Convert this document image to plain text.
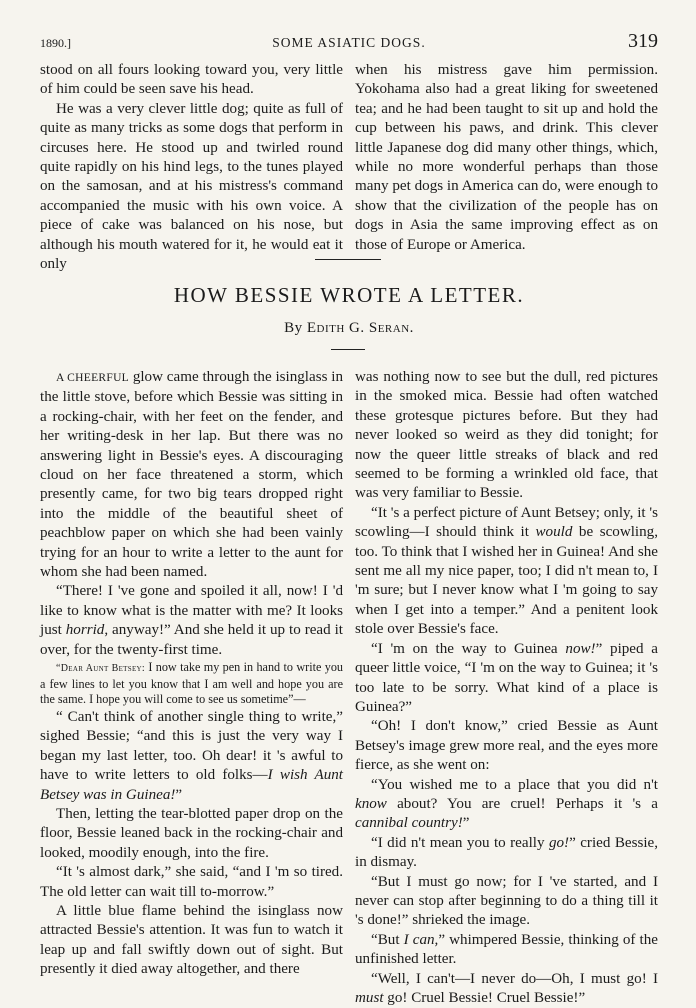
1890.]	SOME ASIATIC DOGS.	319

stood on all fours looking toward you, very little of him could be seen save his head.

He was a very clever little dog; quite as full of quite as many tricks as some dogs that perform in circuses here. He stood up and twirled round quite rapidly on his hind legs, to the tunes played on the samosan, and at his mistress's command accompanied the music with his own voice. A piece of cake was balanced on his nose, but although his mouth watered for it, he would eat it only

when his mistress gave him permission. Yokohama also had a great liking for sweetened tea; and he had been taught to sit up and hold the cup between his paws, and drink. This clever little Japanese dog did many other things, which, while no more wonderful perhaps than those many pet dogs in America can do, were enough to show that the civilization of the people has on dogs in Asia the same improving effect as on those of Europe or America.

HOW BESSIE WROTE A LETTER.
By Edith G. Seran.

A CHEERFUL glow came through the isinglass in the little stove, before which Bessie was sitting in a rocking-chair, with her feet on the fender, and her writing-desk in her lap. But there was no answering light in Bessie's eyes. A discouraging cloud on her face threatened a storm, which presently came, for two big tears dropped right into the middle of the beautiful sheet of peachblow paper on which she had been vainly trying for an hour to write a letter to the aunt for whom she had been named.

“There! I 've gone and spoiled it all, now! I 'd like to know what is the matter with me? It looks just horrid, anyway!” And she held it up to read it over, for the twenty-first time.

“Dear Aunt Betsey: I now take my pen in hand to write you a few lines to let you know that I am well and hope you are the same. I hope you will come to see us sometime”—

“ Can't think of another single thing to write,” sighed Bessie; “and this is just the very way I began my last letter, too. Oh dear! it 's awful to have to write letters to old folks—I wish Aunt Betsey was in Guinea!”

Then, letting the tear-blotted paper drop on the floor, Bessie leaned back in the rocking-chair and looked, moodily enough, into the fire.

“It 's almost dark,” she said, “and I 'm so tired. The old letter can wait till to-morrow.”

A little blue flame behind the isinglass now attracted Bessie's attention. It was fun to watch it leap up and fall swiftly down out of sight. But presently it died away altogether, and there

was nothing now to see but the dull, red pictures in the smoked mica. Bessie had often watched these grotesque pictures before. But they had never looked so weird as they did tonight; for now the queer little streaks of black and red seemed to be forming a wrinkled old face, that was very familiar to Bessie.

“It 's a perfect picture of Aunt Betsey; only, it 's scowling—I should think it would be scowling, too. To think that I wished her in Guinea! And she sent me all my nice paper, too; I did n't mean to, I 'm sure; but I never know what I 'm going to say when I get into a temper.” And a penitent look stole over Bessie's face.

“I 'm on the way to Guinea now!” piped a queer little voice, “I 'm on the way to Guinea; it 's too late to be sorry. What kind of a place is Guinea?”

“Oh! I don't know,” cried Bessie as Aunt Betsey's image grew more real, and the eyes more fierce, as she went on:

“You wished me to a place that you did n't know about? You are cruel! Perhaps it 's a cannibal country!”

“I did n't mean you to really go!” cried Bessie, in dismay.

“But I must go now; for I 've started, and I never can stop after beginning to do a thing till it 's done!” shrieked the image.

“But I can,” whimpered Bessie, thinking of the unfinished letter.

“Well, I can't—I never do—Oh, I must go! I must go! Cruel Bessie! Cruel Bessie!”
